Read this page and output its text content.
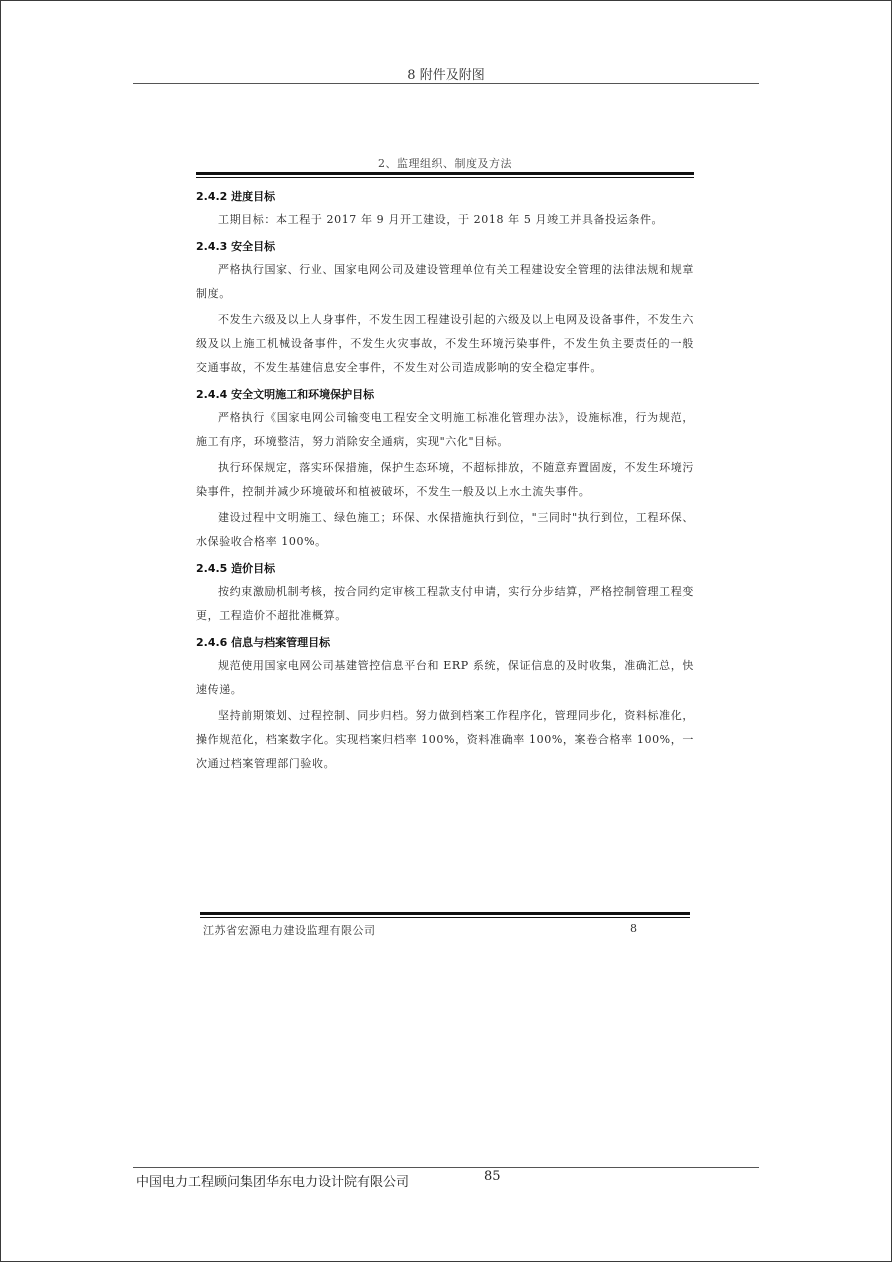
8 附件及附图
2、监理组织、制度及方法
2.4.2 进度目标

工期目标：本工程于 2017 年 9 月开工建设，于 2018 年 5 月竣工并具备投运条件。

2.4.3 安全目标

严格执行国家、行业、国家电网公司及建设管理单位有关工程建设安全管理的法律法规和规章制度。

不发生六级及以上人身事件，不发生因工程建设引起的六级及以上电网及设备事件，不发生六级及以上施工机械设备事件，不发生火灾事故，不发生环境污染事件，不发生负主要责任的一般交通事故，不发生基建信息安全事件，不发生对公司造成影响的安全稳定事件。

2.4.4 安全文明施工和环境保护目标

严格执行《国家电网公司输变电工程安全文明施工标准化管理办法》，设施标准，行为规范，施工有序，环境整洁，努力消除安全通病，实现"六化"目标。

执行环保规定，落实环保措施，保护生态环境，不超标排放，不随意弃置固废，不发生环境污染事件，控制并减少环境破坏和植被破坏，不发生一般及以上水土流失事件。

建设过程中文明施工、绿色施工；环保、水保措施执行到位，"三同时"执行到位，工程环保、水保验收合格率 100%。

2.4.5 造价目标

按约束激励机制考核，按合同约定审核工程款支付申请，实行分步结算，严格控制管理工程变更，工程造价不超批准概算。

2.4.6 信息与档案管理目标

规范使用国家电网公司基建管控信息平台和 ERP 系统，保证信息的及时收集，准确汇总，快速传递。

坚持前期策划、过程控制、同步归档。努力做到档案工作程序化，管理同步化，资料标准化，操作规范化，档案数字化。实现档案归档率 100%，资料准确率 100%，案卷合格率 100%，一次通过档案管理部门验收。

江苏省宏源电力建设监理有限公司	8
中国电力工程顾问集团华东电力设计院有限公司	85
